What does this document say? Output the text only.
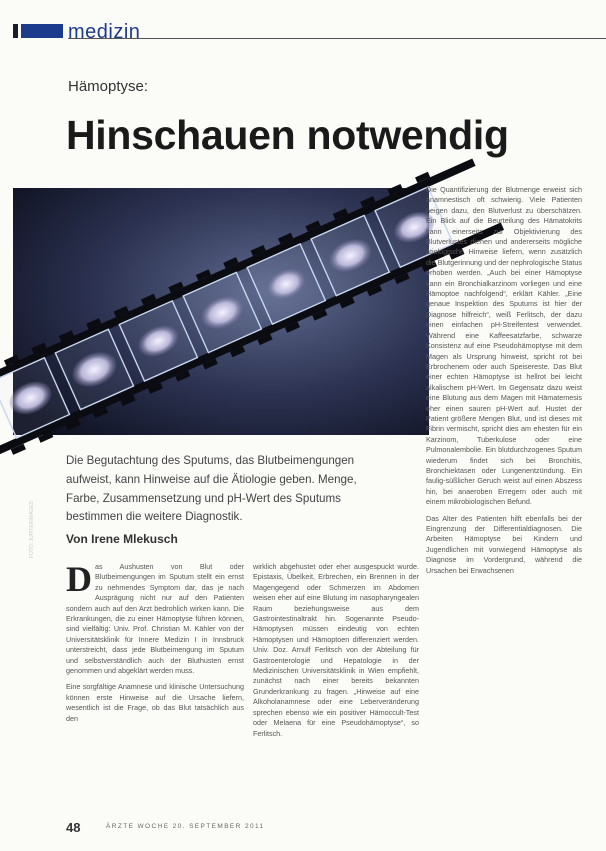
medizin
Hämoptyse:
Hinschauen notwendig
FOTO: JUPITERIMAGES
Die Begutachtung des Sputums, das Blutbeimengungen aufweist, kann Hinweise auf die Ätiologie geben. Menge, Farbe, Zusammensetzung und pH-Wert des Sputums bestimmen die weitere Diagnostik.
Von Irene Mlekusch

Das Aushusten von Blut oder Blutbeimengungen im Sputum stellt ein ernst zu nehmendes Symptom dar, das je nach Ausprägung nicht nur auf den Patienten sondern auch auf den Arzt bedrohlich wirken kann. Die Erkrankungen, die zu einer Hämoptyse führen können, sind vielfältig: Univ. Prof. Christian M. Kähler von der Universitätsklinik für Innere Medizin I in Innsbruck unterstreicht, dass jede Blutbeimengung im Sputum und selbstverständlich auch der Bluthusten ernst genommen und abgeklärt werden muss.

Eine sorgfältige Anamnese und klinische Untersuchung können erste Hinweise auf die Ursache liefern, wesentlich ist die Frage, ob das Blut tatsächlich aus den

wirklich abgehustet oder eher ausgespuckt wurde. Epistaxis, Übelkeit, Erbrechen, ein Brennen in der Magengegend oder Schmerzen im Abdomen weisen eher auf eine Blutung im nasopharyngealen Raum beziehungsweise aus dem Gastrointestinaltrakt hin. Sogenannte Pseudo-Hämoptysen müssen eindeutig von echten Hämoptysen und Hämoptoen differenziert werden. Univ. Doz. Arnulf Ferlitsch von der Abteilung für Gastroenterologie und Hepatologie in der Medizinischen Universitätsklinik in Wien empfiehlt, zunächst nach einer bereits bekannten Grunderkrankung zu fragen. „Hinweise auf eine Alkoholanamnese oder eine Leberveränderung sprechen ebenso wie ein positiver Hämoccult-Test oder Melaena für eine Pseudohämoptyse“, so Ferlitsch.

Die Quantifizierung der Blutmenge erweist sich anamnestisch oft schwierig. Viele Patienten neigen dazu, den Blutverlust zu überschätzen. Ein Blick auf die Beurteilung des Hämatokrits kann einerseits zur Objektivierung des Blutverlustes dienen und andererseits mögliche ätiologische Hinweise liefern, wenn zusätzlich die Blutgerinnung und der nephrologische Status erhoben werden. „Auch bei einer Hämoptyse kann ein Bronchialkarzinom vorliegen und eine Hämoptoe nachfolgend“, erklärt Kähler. „Eine genaue Inspektion des Sputums ist hier der Diagnose hilfreich“, weiß Ferlitsch, der dazu einen einfachen pH-Streifentest verwendet. Während eine Kaffeesatzfarbe, schwarze Konsistenz auf eine Pseudohämoptyse mit dem Magen als Ursprung hinweist, spricht rot bei Erbrochenem oder auch Speisereste. Das Blut einer echten Hämoptyse ist hellrot bei leicht alkalischem pH-Wert. Im Gegensatz dazu weist eine Blutung aus dem Magen mit Hämatemesis eher einen sauren pH-Wert auf. Hustet der Patient größere Mengen Blut, und ist dieses mit Fibrin vermischt, spricht dies am ehesten für ein Karzinom, Tuberkulose oder eine Pulmonalembolie. Ein blutdurchzogenes Sputum wiederum findet sich bei Bronchitis, Bronchiektasen oder Lungenentzündung. Ein faulig-süßlicher Geruch weist auf einen Abszess hin, bei anaeroben Erregern oder auch mit einem mikrobiologischen Befund.

Das Alter des Patienten hilft ebenfalls bei der Eingrenzung der Differentialdiagnosen. Die Arbeiten Hämoptyse bei Kindern und Jugendlichen mit vorwiegend Hämoptyse als Diagnose im Vordergrund, während die Ursachen bei Erwachsenen

48	ÄRZTE WOCHE 20. SEPTEMBER 2011
